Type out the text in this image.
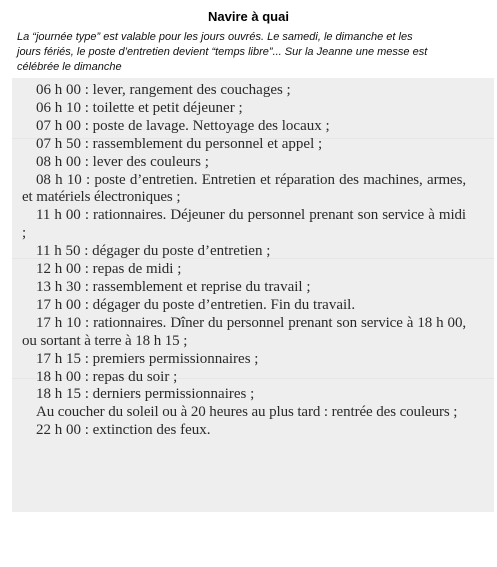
Navire à quai
La “journée type” est valable pour les jours ouvrés. Le samedi, le dimanche et les
jours fériés, le poste d’entretien devient “temps libre”... Sur la Jeanne une messe est
célébrée le dimanche

06 h 00 : lever, rangement des couchages ;

06 h 10 : toilette et petit déjeuner ;

07 h 00 : poste de lavage. Nettoyage des locaux ;

07 h 50 : rassemblement du personnel et appel ;

08 h 00 : lever des couleurs ;

08 h 10 : poste d’entretien. Entretien et réparation des machines, armes, et matériels électroniques ;

11 h 00 : rationnaires. Déjeuner du personnel prenant son service à midi ;

11 h 50 : dégager du poste d’entretien ;

12 h 00 : repas de midi ;

13 h 30 : rassemblement et reprise du travail ;

17 h 00 : dégager du poste d’entretien. Fin du travail.

17 h 10 : rationnaires. Dîner du personnel prenant son service à 18 h 00, ou sortant à terre à 18 h 15 ;

17 h 15 : premiers permissionnaires ;

18 h 00 : repas du soir ;

18 h 15 : derniers permissionnaires ;

Au coucher du soleil ou à 20 heures au plus tard : rentrée des couleurs ;

22 h 00 : extinction des feux.
